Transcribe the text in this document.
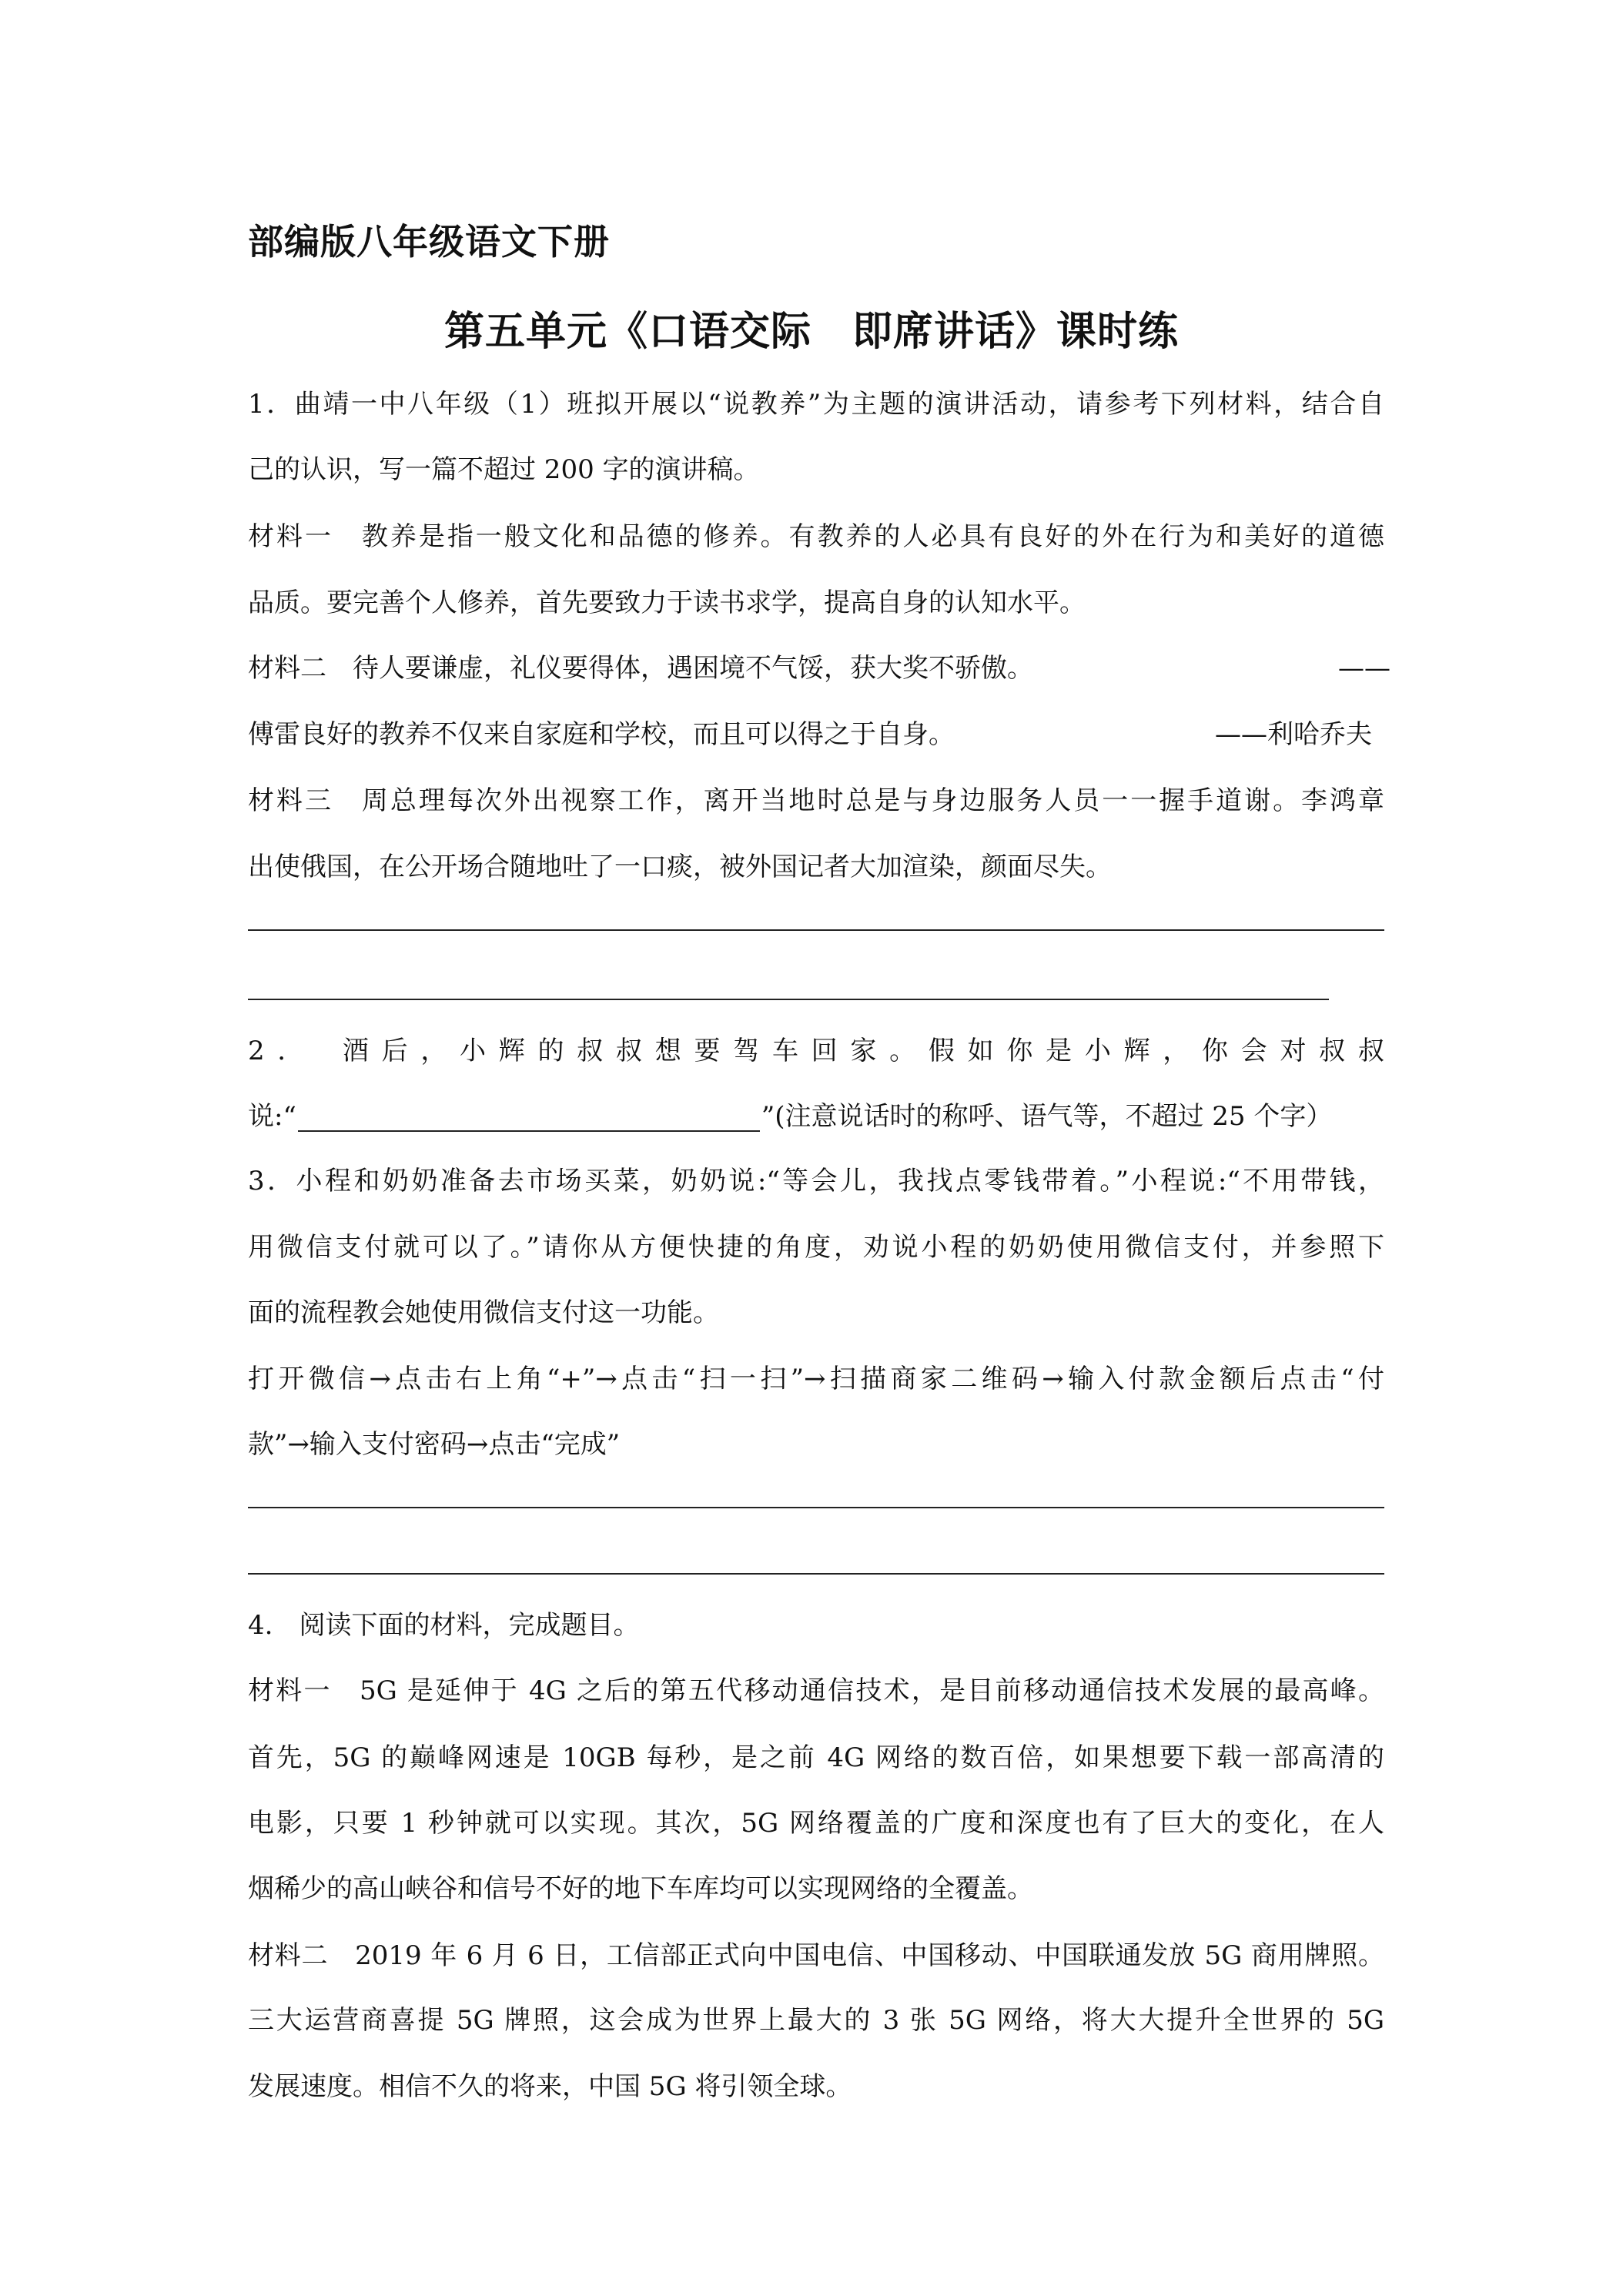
部编版八年级语文下册
第五单元《口语交际　即席讲话》课时练
1．曲靖一中八年级（1）班拟开展以“说教养”为主题的演讲活动，请参考下列材料，结合自
己的认识，写一篇不超过 200 字的演讲稿。
材料一　教养是指一般文化和品德的修养。有教养的人必具有良好的外在行为和美好的道德
品质。要完善个人修养，首先要致力于读书求学，提高自身的认知水平。
材料二　待人要谦虚，礼仪要得体，遇困境不气馁，获大奖不骄傲。	——
傅雷良好的教养不仅来自家庭和学校，而且可以得之于自身。	——利哈乔夫
材料三　周总理每次外出视察工作，离开当地时总是与身边服务人员一一握手道谢。李鸿章
出使俄国，在公开场合随地吐了一口痰，被外国记者大加渲染，颜面尽失。
2．　酒后，小辉的叔叔想要驾车回家。假如你是小辉，你会对叔叔
说:“	”(注意说话时的称呼、语气等，不超过 25 个字）
3．小程和奶奶准备去市场买菜，奶奶说:“等会儿，我找点零钱带着。”小程说:“不用带钱，
用微信支付就可以了。”请你从方便快捷的角度，劝说小程的奶奶使用微信支付，并参照下
面的流程教会她使用微信支付这一功能。
打开微信→点击右上角“+”→点击“扫一扫”→扫描商家二维码→输入付款金额后点击“付
款”→输入支付密码→点击“完成”
4.　阅读下面的材料，完成题目。
材料一　5G 是延伸于 4G 之后的第五代移动通信技术，是目前移动通信技术发展的最高峰。
首先，5G 的巅峰网速是 10GB 每秒，是之前 4G 网络的数百倍，如果想要下载一部高清的
电影，只要 1 秒钟就可以实现。其次，5G 网络覆盖的广度和深度也有了巨大的变化，在人
烟稀少的高山峡谷和信号不好的地下车库均可以实现网络的全覆盖。
材料二　2019 年 6 月 6 日，工信部正式向中国电信、中国移动、中国联通发放 5G 商用牌照。
三大运营商喜提 5G 牌照，这会成为世界上最大的 3 张 5G 网络，将大大提升全世界的 5G
发展速度。相信不久的将来，中国 5G 将引领全球。
